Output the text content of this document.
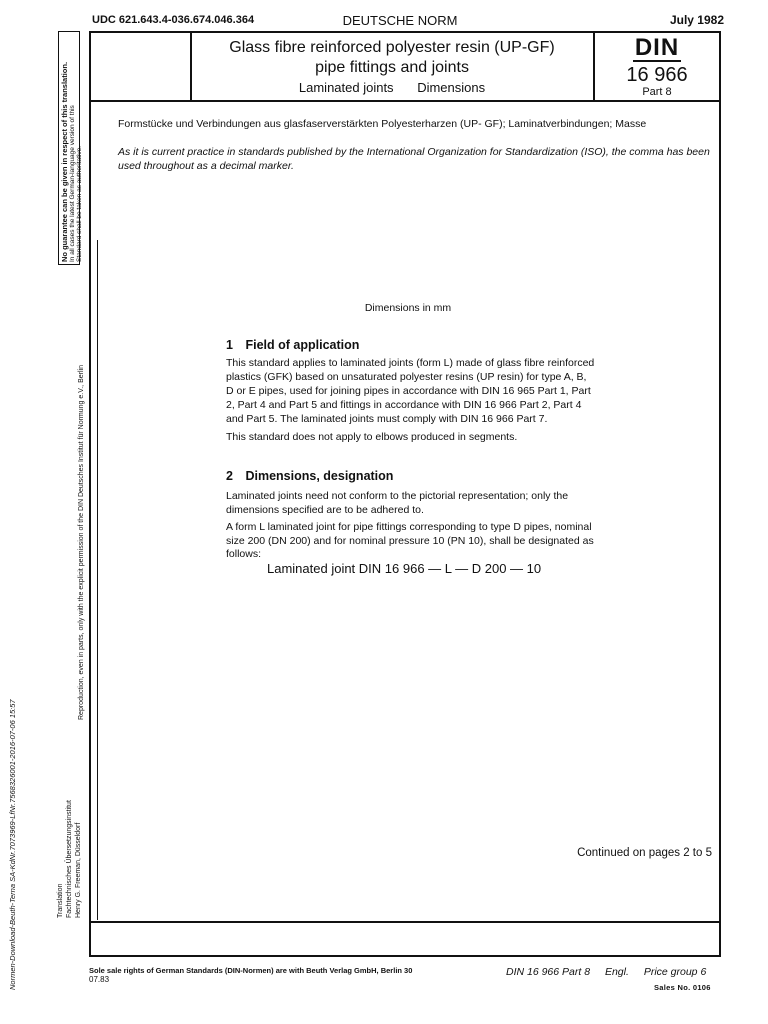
UDC 621.643.4-036.674.046.364	DEUTSCHE NORM	July 1982
Glass fibre reinforced polyester resin (UP-GF)
pipe fittings and joints
Laminated joints Dimensions
DIN
16 966
Part 8
Formstücke und Verbindungen aus glasfaserverstärkten Polyesterharzen (UP- GF); Laminatverbindungen; Masse
As it is current practice in standards published by the International Organization for Standardization (ISO), the comma has been used throughout as a decimal marker.
Dimensions in mm
1 Field of application

This standard applies to laminated joints (form L) made of glass fibre reinforced plastics (GFK) based on unsaturated polyester resins (UP resin) for type A, B, D or E pipes, used for joining pipes in accordance with DIN 16 965 Part 1, Part 2, Part 4 and Part 5 and fittings in accordance with DIN 16 966 Part 2, Part 4 and Part 5. The laminated joints must comply with DIN 16 966 Part 7.

This standard does not apply to elbows produced in segments.

2 Dimensions, designation

Laminated joints need not conform to the pictorial representation; only the dimensions specified are to be adhered to.

A form L laminated joint for pipe fittings corresponding to type D pipes, nominal size 200 (DN 200) and for nominal pressure 10 (PN 10), shall be designated as follows:

Laminated joint DIN 16 966 — L — D 200 — 10
Continued on pages 2 to 5
Sole sale rights of German Standards (DIN-Normen) are with Beuth Verlag GmbH, Berlin 30
07.83
DIN 16 966 Part 8 Engl. Price group 6
Sales No. 0106
No guarantee can be given in respect of this translation. In all cases the latest German-language version of this Standard shall be taken as authoritative.
Reproduction, even in parts, only with the explicit permission of the DIN Deutsches Institut für Normung e.V., Berlin
Translation Fachtechnisches Übersetzungsinstitut Henry G. Freeman, Düsseldorf
Normen-Download-Beuth-Terna SA-KdNr.7073969-LfNr.7568326001-2016-07-06 15:57
